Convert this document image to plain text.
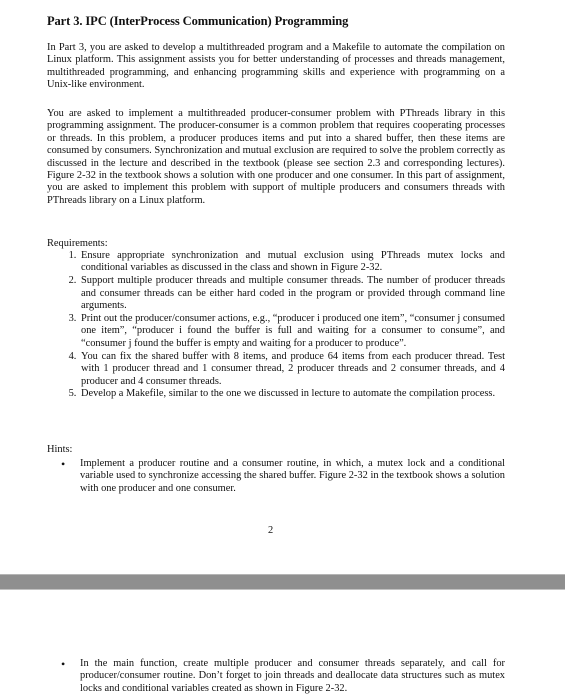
Part 3. IPC (InterProcess Communication) Programming

In Part 3, you are asked to develop a multithreaded program and a Makefile to automate the compilation on Linux platform. This assignment assists you for better understanding of processes and threads management, multithreaded programming, and enhancing programming skills and experience with programming on a Unix-like environment.

You are asked to implement a multithreaded producer-consumer problem with PThreads library in this programming assignment. The producer-consumer is a common problem that requires cooperating processes or threads. In this problem, a producer produces items and put into a shared buffer, then these items are consumed by consumers. Synchronization and mutual exclusion are required to solve the problem correctly as discussed in the lecture and described in the textbook (please see section 2.3 and corresponding lectures). Figure 2-32 in the textbook shows a solution with one producer and one consumer. In this part of assignment, you are asked to implement this problem with support of multiple producers and consumers threads with PThreads library on a Linux platform.

Requirements:

1. Ensure appropriate synchronization and mutual exclusion using PThreads mutex locks and conditional variables as discussed in the class and shown in Figure 2-32.
2. Support multiple producer threads and multiple consumer threads. The number of producer threads and consumer threads can be either hard coded in the program or provided through command line arguments.
3. Print out the producer/consumer actions, e.g., “producer i produced one item”, “consumer j consumed one item”, “producer i found the buffer is full and waiting for a consumer to consume”, and “consumer j found the buffer is empty and waiting for a producer to produce”.
4. You can fix the shared buffer with 8 items, and produce 64 items from each producer thread. Test with 1 producer thread and 1 consumer thread, 2 producer threads and 2 consumer threads, and 4 producer and 4 consumer threads.
5. Develop a Makefile, similar to the one we discussed in lecture to automate the compilation process.

Hints:

• Implement a producer routine and a consumer routine, in which, a mutex lock and a conditional variable used to synchronize accessing the shared buffer. Figure 2-32 in the textbook shows a solution with one producer and one consumer.
2
• In the main function, create multiple producer and consumer threads separately, and call for producer/consumer routine. Don’t forget to join threads and deallocate data structures such as mutex locks and conditional variables created as shown in Figure 2-32.
